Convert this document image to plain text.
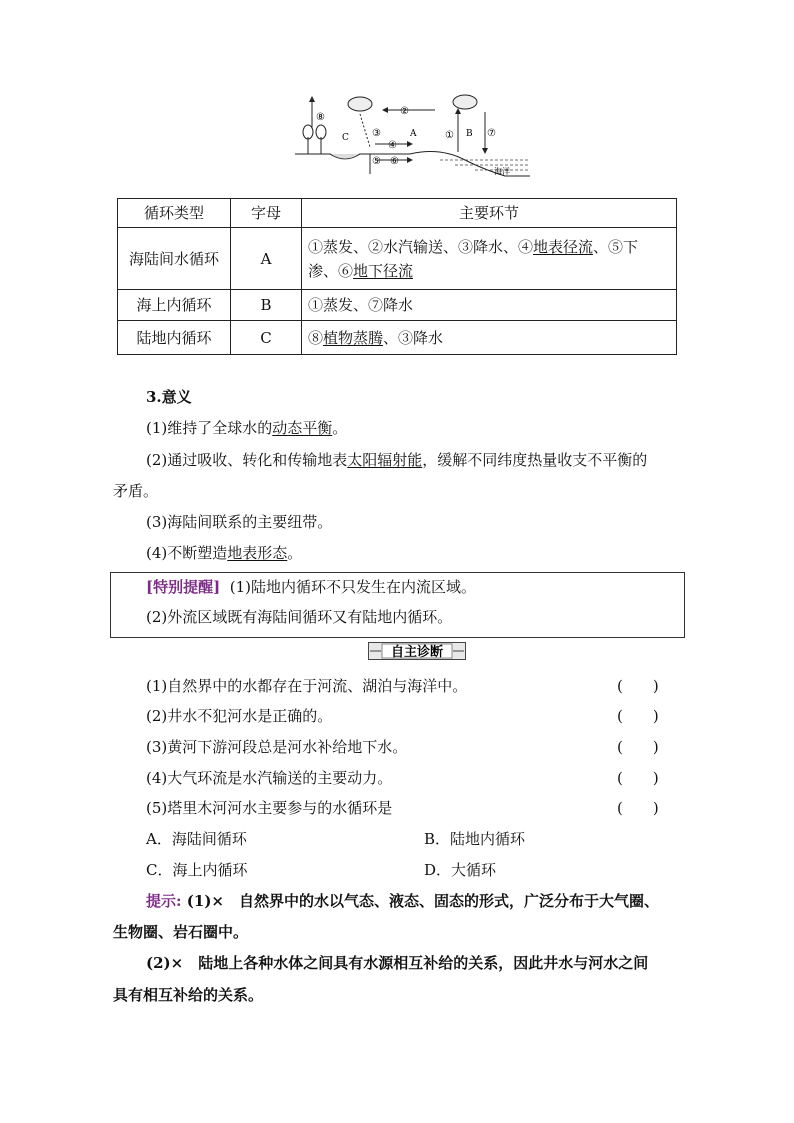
⑧
C ③
②
④
⑤ ⑥
A	① B ⑦
海洋
循环类型	字母	主要环节
海陆间水循环	A	①蒸发、②水汽输送、③降水、④地表径流、⑤下
渗、⑥地下径流
海上内循环	B	①蒸发、⑦降水
陆地内循环	C	⑧植物蒸腾、③降水
3.意义
(1)维持了全球水的动态平衡。
(2)通过吸收、转化和传输地表太阳辐射能，缓解不同纬度热量收支不平衡的
矛盾。
(3)海陆间联系的主要纽带。
(4)不断塑造地表形态。
[特别提醒] (1)陆地内循环不只发生在内流区域。
(2)外流区域既有海陆间循环又有陆地内循环。
自主诊断
(1)自然界中的水都存在于河流、湖泊与海洋中。	(　　)
(2)井水不犯河水是正确的。	(　　)
(3)黄河下游河段总是河水补给地下水。	(　　)
(4)大气环流是水汽输送的主要动力。	(　　)
(5)塔里木河河水主要参与的水循环是	(　　)
A．海陆间循环	B．陆地内循环
C．海上内循环	D．大循环
提示: (1)×　自然界中的水以气态、液态、固态的形式，广泛分布于大气圈、
生物圈、岩石圈中。
(2)×　陆地上各种水体之间具有水源相互补给的关系，因此井水与河水之间
具有相互补给的关系。
